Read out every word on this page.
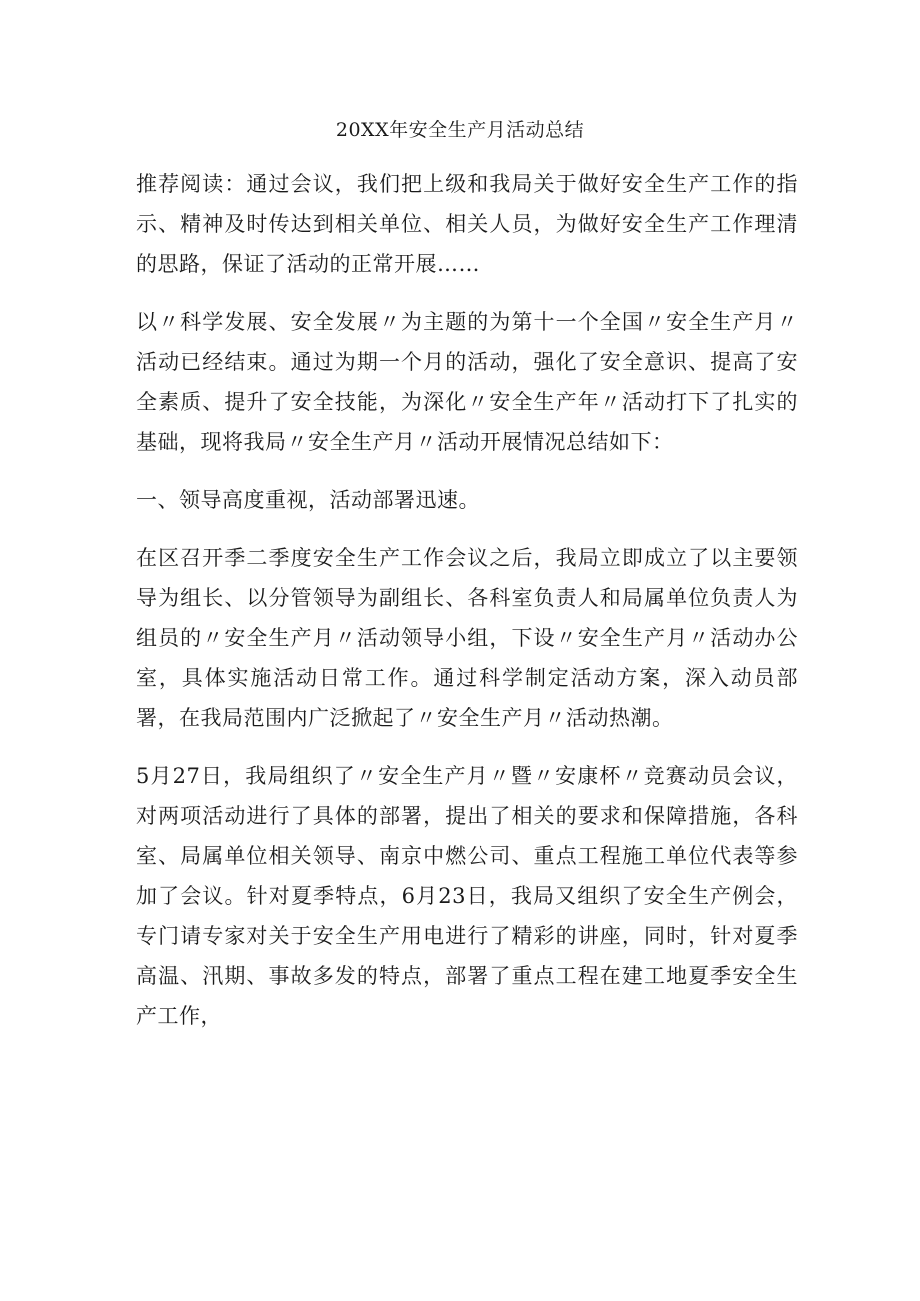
20XX年安全生产月活动总结

推荐阅读：通过会议，我们把上级和我局关于做好安全生产工作的指示、精神及时传达到相关单位、相关人员，为做好安全生产工作理清的思路，保证了活动的正常开展……

以〃科学发展、安全发展〃为主题的为第十一个全国〃安全生产月〃活动已经结束。通过为期一个月的活动，强化了安全意识、提高了安全素质、提升了安全技能，为深化〃安全生产年〃活动打下了扎实的基础，现将我局〃安全生产月〃活动开展情况总结如下：

一、领导高度重视，活动部署迅速。

在区召开季二季度安全生产工作会议之后，我局立即成立了以主要领导为组长、以分管领导为副组长、各科室负责人和局属单位负责人为组员的〃安全生产月〃活动领导小组，下设〃安全生产月〃活动办公室，具体实施活动日常工作。通过科学制定活动方案，深入动员部署，在我局范围内广泛掀起了〃安全生产月〃活动热潮。

5月27日，我局组织了〃安全生产月〃暨〃安康杯〃竞赛动员会议，对两项活动进行了具体的部署，提出了相关的要求和保障措施，各科室、局属单位相关领导、南京中燃公司、重点工程施工单位代表等参加了会议。针对夏季特点，6月23日，我局又组织了安全生产例会，专门请专家对关于安全生产用电进行了精彩的讲座，同时，针对夏季高温、汛期、事故多发的特点，部署了重点工程在建工地夏季安全生产工作，
